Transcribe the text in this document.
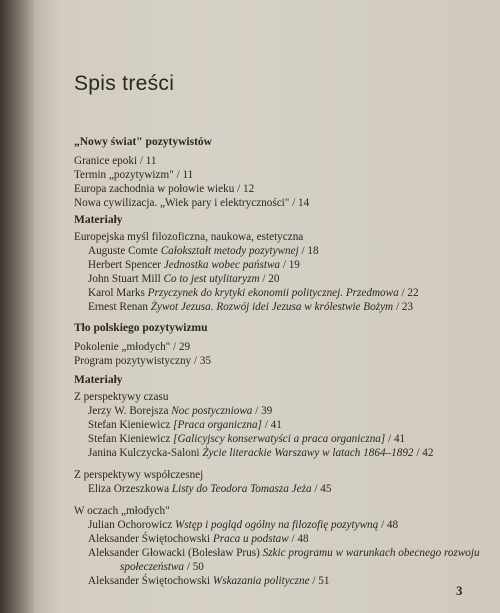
Spis treści
„Nowy świat" pozytywistów
Granice epoki / 11
Termin „pozytywizm" / 11
Europa zachodnia w połowie wieku / 12
Nowa cywilizacja. „Wiek pary i elektryczności" / 14
Materiały
Europejska myśl filozoficzna, naukowa, estetyczna
Auguste Comte Całokształt metody pozytywnej / 18
Herbert Spencer Jednostka wobec państwa / 19
John Stuart Mill Co to jest utylitaryzm / 20
Karol Marks Przyczynek do krytyki ekonomii politycznej. Przedmowa / 22
Ernest Renan Żywot Jezusa. Rozwój idei Jezusa w królestwie Bożym / 23
Tło polskiego pozytywizmu
Pokolenie „młodych" / 29
Program pozytywistyczny / 35
Materiały
Z perspektywy czasu
Jerzy W. Borejsza Noc postyczniowa / 39
Stefan Kieniewicz [Praca organiczna] / 41
Stefan Kieniewicz [Galicyjscy konserwatyści a praca organiczna] / 41
Janina Kulczycka-Saloni Życie literackie Warszawy w latach 1864–1892 / 42
Z perspektywy współczesnej
Eliza Orzeszkowa Listy do Teodora Tomasza Jeża / 45
W oczach „młodych"
Julian Ochorowicz Wstęp i pogląd ogólny na filozofię pozytywną / 48
Aleksander Świętochowski Praca u podstaw / 48
Aleksander Głowacki (Bolesław Prus) Szkic programu w warunkach obecnego rozwoju
społeczeństwa / 50
Aleksander Świętochowski Wskazania polityczne / 51
3
